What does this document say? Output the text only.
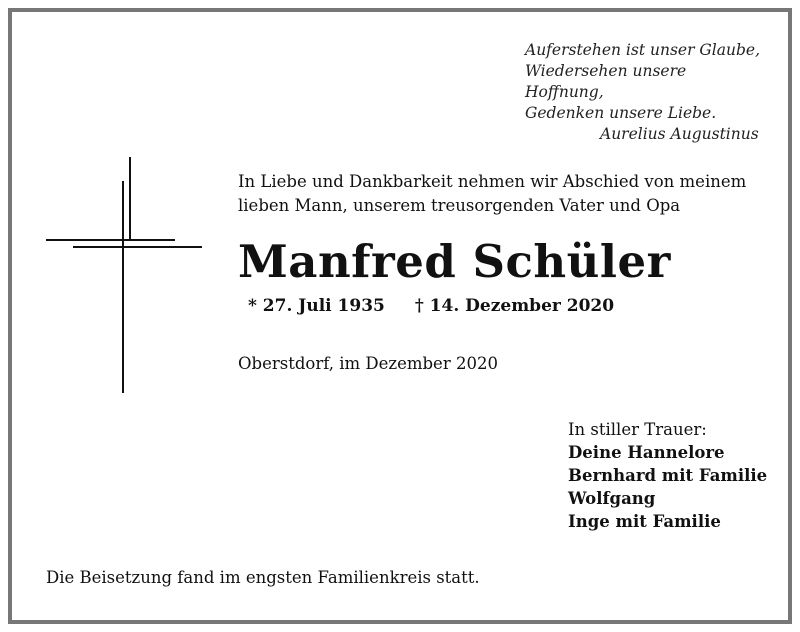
Auferstehen ist unser Glaube,
Wiedersehen unsere Hoffnung,
Gedenken unsere Liebe.

Aurelius Augustinus
In Liebe und Dankbarkeit nehmen wir Abschied von meinem
lieben Mann, unserem treusorgenden Vater und Opa
Manfred Schüler
* 27. Juli 1935 † 14. Dezember 2020
Oberstdorf, im Dezember 2020
In stiller Trauer:
Deine Hannelore
Bernhard mit Familie
Wolfgang
Inge mit Familie
Die Beisetzung fand im engsten Familienkreis statt.
